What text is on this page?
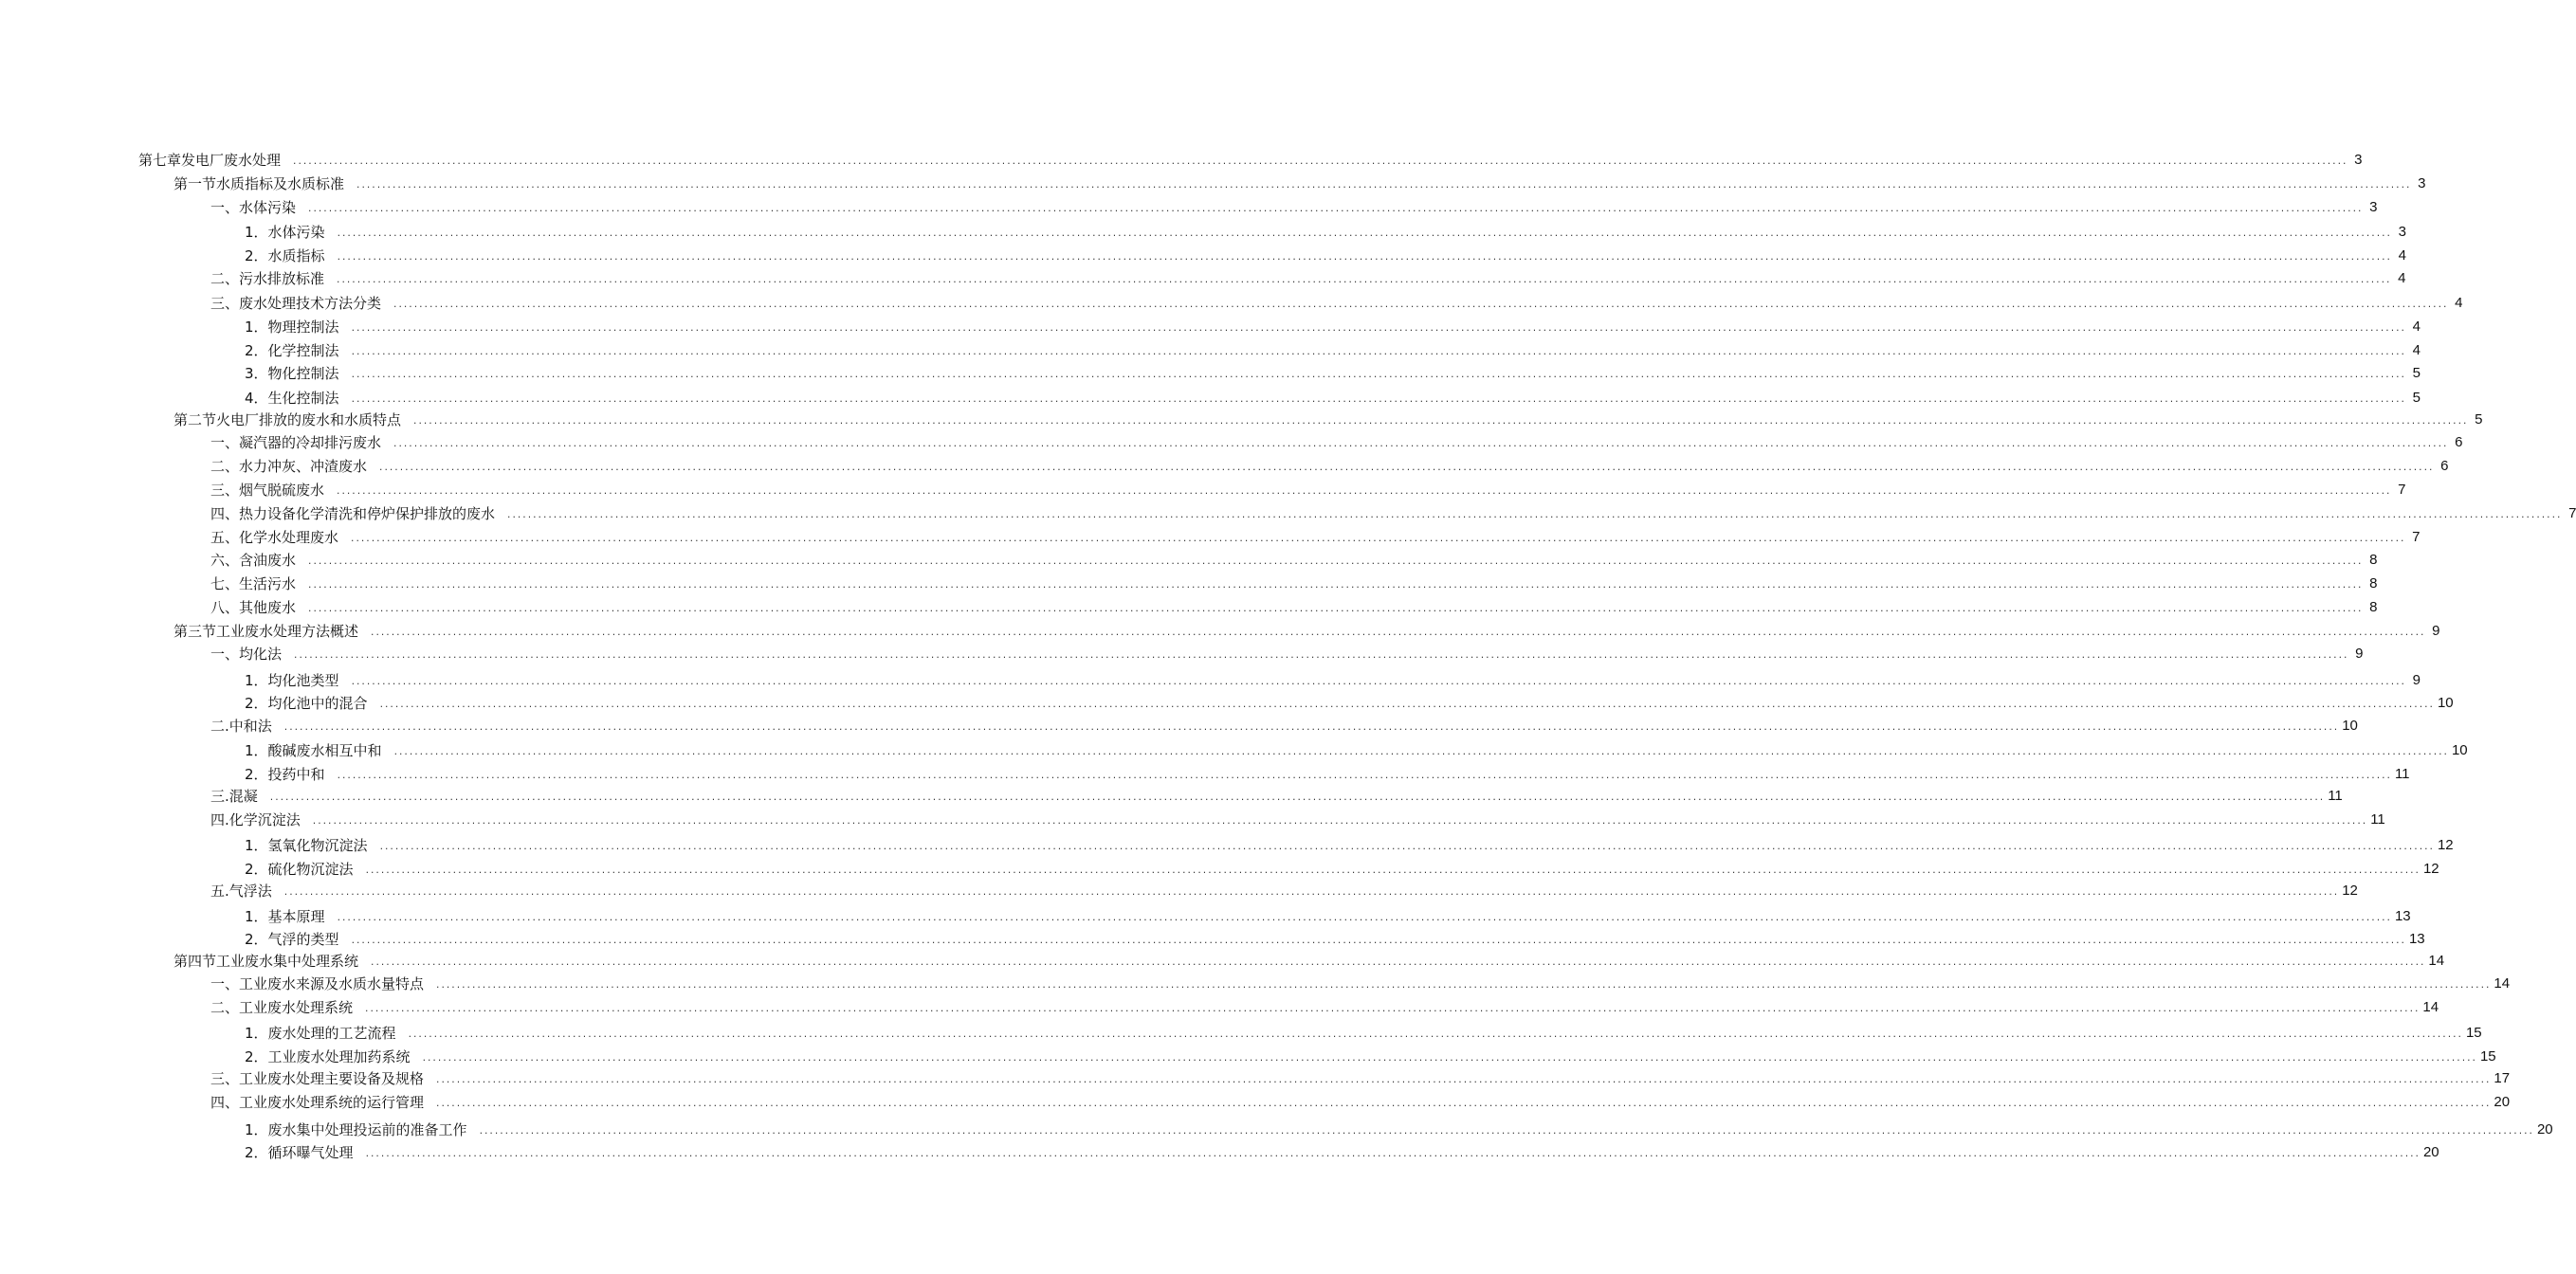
第七章 发电厂废水处理 ................................................................................................................................................................................................................................................................................................................................................................................................................ 3
第一节 水质指标及水质标准 ................................................................................................................................................................................................................................................................................................................................................................................................................ 3
一、 水体污染 ................................................................................................................................................................................................................................................................................................................................................................................................................ 3
1． 水体污染 ................................................................................................................................................................................................................................................................................................................................................................................................................ 3
2． 水质指标 ................................................................................................................................................................................................................................................................................................................................................................................................................ 4
二、 污水排放标准 ................................................................................................................................................................................................................................................................................................................................................................................................................ 4
三、 废水处理技术方法分类 ................................................................................................................................................................................................................................................................................................................................................................................................................ 4
1． 物理控制法 ................................................................................................................................................................................................................................................................................................................................................................................................................ 4
2． 化学控制法 ................................................................................................................................................................................................................................................................................................................................................................................................................ 4
3． 物化控制法 ................................................................................................................................................................................................................................................................................................................................................................................................................ 5
4． 生化控制法 ................................................................................................................................................................................................................................................................................................................................................................................................................ 5
第二节 火电厂排放的废水和水质特点 ................................................................................................................................................................................................................................................................................................................................................................................................................ 5
一、 凝汽器的冷却排污废水 ................................................................................................................................................................................................................................................................................................................................................................................................................ 6
二、 水力冲灰、冲渣废水 ................................................................................................................................................................................................................................................................................................................................................................................................................ 6
三、 烟气脱硫废水 ................................................................................................................................................................................................................................................................................................................................................................................................................ 7
四、 热力设备化学清洗和停炉保护排放的废水 ................................................................................................................................................................................................................................................................................................................................................................................................................ 7
五、 化学水处理废水 ................................................................................................................................................................................................................................................................................................................................................................................................................ 7
六、 含油废水 ................................................................................................................................................................................................................................................................................................................................................................................................................ 8
七、 生活污水 ................................................................................................................................................................................................................................................................................................................................................................................................................ 8
八、 其他废水 ................................................................................................................................................................................................................................................................................................................................................................................................................ 8
第三节 工业废水处理方法概述 ................................................................................................................................................................................................................................................................................................................................................................................................................ 9
一、 均化法 ................................................................................................................................................................................................................................................................................................................................................................................................................ 9
1． 均化池类型 ................................................................................................................................................................................................................................................................................................................................................................................................................ 9
2． 均化池中的混合 ................................................................................................................................................................................................................................................................................................................................................................................................................ 10
二. 中和法 ................................................................................................................................................................................................................................................................................................................................................................................................................ 10
1． 酸碱废水相互中和 ................................................................................................................................................................................................................................................................................................................................................................................................................ 10
2． 投药中和 ................................................................................................................................................................................................................................................................................................................................................................................................................ 11
三. 混凝 ................................................................................................................................................................................................................................................................................................................................................................................................................ 11
四. 化学沉淀法 ................................................................................................................................................................................................................................................................................................................................................................................................................ 11
1． 氢氧化物沉淀法 ................................................................................................................................................................................................................................................................................................................................................................................................................ 12
2． 硫化物沉淀法 ................................................................................................................................................................................................................................................................................................................................................................................................................ 12
五. 气浮法 ................................................................................................................................................................................................................................................................................................................................................................................................................ 12
1． 基本原理 ................................................................................................................................................................................................................................................................................................................................................................................................................ 13
2． 气浮的类型 ................................................................................................................................................................................................................................................................................................................................................................................................................ 13
第四节 工业废水集中处理系统 ................................................................................................................................................................................................................................................................................................................................................................................................................ 14
一、 工业废水来源及水质水量特点 ................................................................................................................................................................................................................................................................................................................................................................................................................ 14
二、 工业废水处理系统 ................................................................................................................................................................................................................................................................................................................................................................................................................ 14
1． 废水处理的工艺流程 ................................................................................................................................................................................................................................................................................................................................................................................................................ 15
2． 工业废水处理加药系统 ................................................................................................................................................................................................................................................................................................................................................................................................................ 15
三、 工业废水处理主要设备及规格 ................................................................................................................................................................................................................................................................................................................................................................................................................ 17
四、 工业废水处理系统的运行管理 ................................................................................................................................................................................................................................................................................................................................................................................................................ 20
1． 废水集中处理投运前的准备工作 ................................................................................................................................................................................................................................................................................................................................................................................................................ 20
2． 循环曝气处理 ................................................................................................................................................................................................................................................................................................................................................................................................................ 20
